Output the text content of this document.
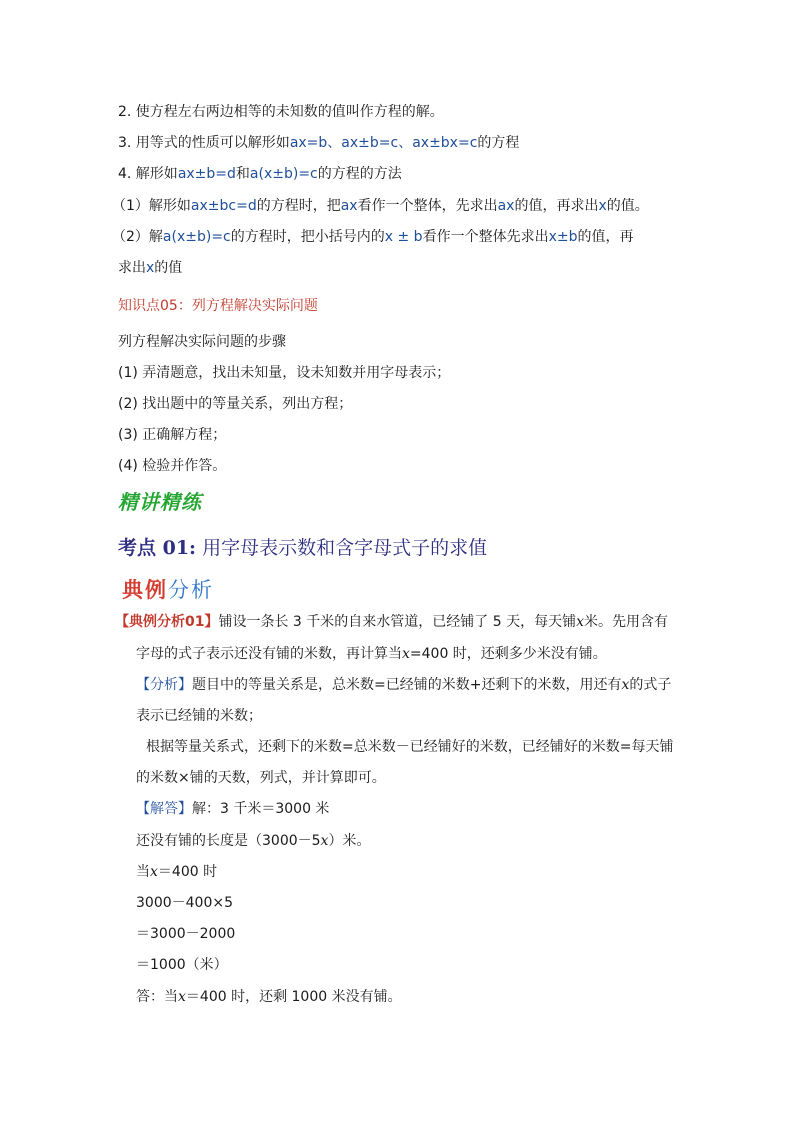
2. 使方程左右两边相等的未知数的值叫作方程的解。
3. 用等式的性质可以解形如ax=b、ax±b=c、ax±bx=c的方程
4. 解形如ax±b=d和a(x±b)=c的方程的方法
（1）解形如ax±bc=d的方程时，把ax看作一个整体，先求出ax的值，再求出x的值。
（2）解a(x±b)=c的方程时，把小括号内的x ± b看作一个整体先求出x±b的值，再
求出x的值
知识点05：列方程解决实际问题
列方程解决实际问题的步骤
(1) 弄清题意，找出未知量，设未知数并用字母表示；
(2) 找出题中的等量关系，列出方程；
(3) 正确解方程；
(4) 检验并作答。
精讲精练
考点 01: 用字母表示数和含字母式子的求值
典例分析
【典例分析01】铺设一条长 3 千米的自来水管道，已经铺了 5 天，每天铺x米。先用含有
字母的式子表示还没有铺的米数，再计算当x=400 时，还剩多少米没有铺。
【分析】题目中的等量关系是，总米数=已经铺的米数+还剩下的米数，用还有x的式子
表示已经铺的米数；
根据等量关系式，还剩下的米数=总米数－已经铺好的米数，已经铺好的米数=每天铺
的米数×铺的天数，列式，并计算即可。
【解答】解：3 千米＝3000 米
还没有铺的长度是（3000－5x）米。
当x＝400 时
3000－400×5
＝3000－2000
＝1000（米）
答：当x＝400 时，还剩 1000 米没有铺。
